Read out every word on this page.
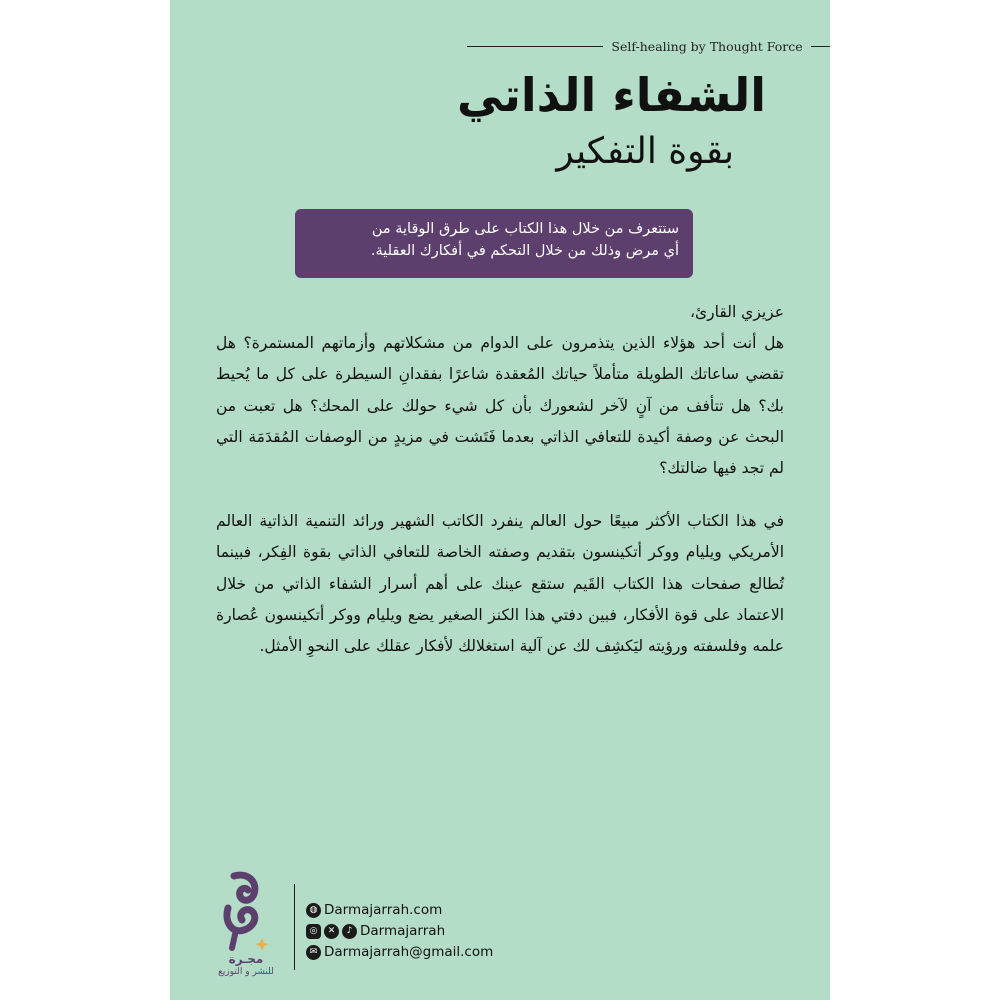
Self-healing by Thought Force
الشفاء الذاتي
بقوة التفكير
ستتعرف من خلال هذا الكتاب على طرق الوقاية من
أي مرض وذلك من خلال التحكم في أفكارك العقلية.

عزيزي القارئ،

هل أنت أحد هؤلاء الذين يتذمرون على الدوام من مشكلاتهم وأزماتهم المستمرة؟ هل تقضي ساعاتك الطويلة متأملاً حياتك المُعقدة شاعرًا بفقدانِ السيطرة على كل ما يُحيط بك؟ هل تتأفف من آنٍ لآخر لشعورك بأن كل شيء حولك على المحك؟ هل تعبت من البحث عن وصفة أكيدة للتعافي الذاتي بعدما فَتَشت في مزيدٍ من الوصفات المُقدَمَة التي لم تجد فيها ضالتك؟

في هذا الكتاب الأكثر مبيعًا حول العالم ينفرد الكاتب الشهير ورائد التنمية الذاتية العالم الأمريكي ويليام ووكر أتكينسون بتقديم وصفته الخاصة للتعافي الذاتي بقوة الفِكر، فبينما تُطالع صفحات هذا الكتاب القَيم ستقع عينك على أهم أسرار الشفاء الذاتي من خلال الاعتماد على قوة الأفكار، فبين دفتي هذا الكنز الصغير يضع ويليام ووكر أتكينسون عُصارة علمه وفلسفته ورؤيته ليَكشِف لك عن آلية استغلالك لأفكار عقلك على النحوِ الأمثل.

مجـرة
للنشر و التوزيع
◍ Darmajarrah.com
◎	✕	♪ Darmajarrah
✉ Darmajarrah@gmail.com
